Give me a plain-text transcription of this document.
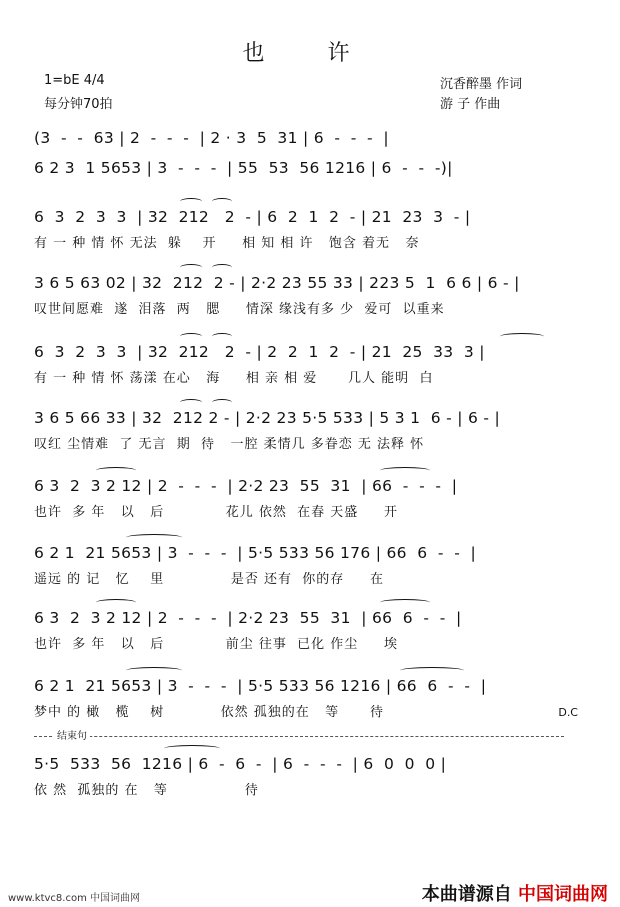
也 许
1=bE 4/4
每分钟70拍
沉香醉墨 作词
游 子 作曲
(3  -  -  63 | 2  -  -  -  | 2 · 3  5  31 | 6  -  -  -  |
6 2 3  1 5653 | 3  -  -  -  | 55  53  56 1216 | 6  -  -  -)|
6  3  2  3  3  | 32  212   2  - | 6  2  1  2  - | 21  23  3  - |
有 一 种 情 怀 无法  躲    开     相 知 相 许   饱含 着无   奈
3 6 5 63 02 | 32  212  2 - | 2·2 23 55 33 | 223 5  1  6 6 | 6 - |
叹世间愿难  遂  泪落  两   腮     情深 缘浅有多 少  爱可  以重来
6  3  2  3  3  | 32  212   2  - | 2  2  1  2  - | 21  25  33  3 |
有 一 种 情 怀 荡漾 在心   海     相 亲 相 爱      几人 能明  白
3 6 5 66 33 | 32  212 2 - | 2·2 23 5·5 533 | 5 3 1  6 - | 6 - |
叹红 尘情难  了 无言  期  待   一腔 柔情几 多眷恋 无 法释 怀
6 3  2  3 2 12 | 2  -  -  -  | 2·2 23  55  31  | 66  -  -  -  |
也许  多 年   以   后            花儿 依然  在春 天盛     开
6 2 1  21 5653 | 3  -  -  -  | 5·5 533 56 176 | 66  6  -  -  |
遥远 的 记   忆    里             是否 还有  你的存     在
6 3  2  3 2 12 | 2  -  -  -  | 2·2 23  55  31  | 66  6  -  -  |
也许  多 年   以   后            前尘 往事  已化 作尘     埃
6 2 1  21 5653 | 3  -  -  -  | 5·5 533 56 1216 | 66  6  -  -  |
梦中 的 橄   榄    树           依然 孤独的在   等      待	D.C
结束句
5·5  533  56  1216 | 6  -  6  -  | 6  -  -  -  | 6  0  0  0 |
依 然  孤独的 在   等               待
www.ktvc8.com 中国词曲网	本曲谱源自 中国词曲网
